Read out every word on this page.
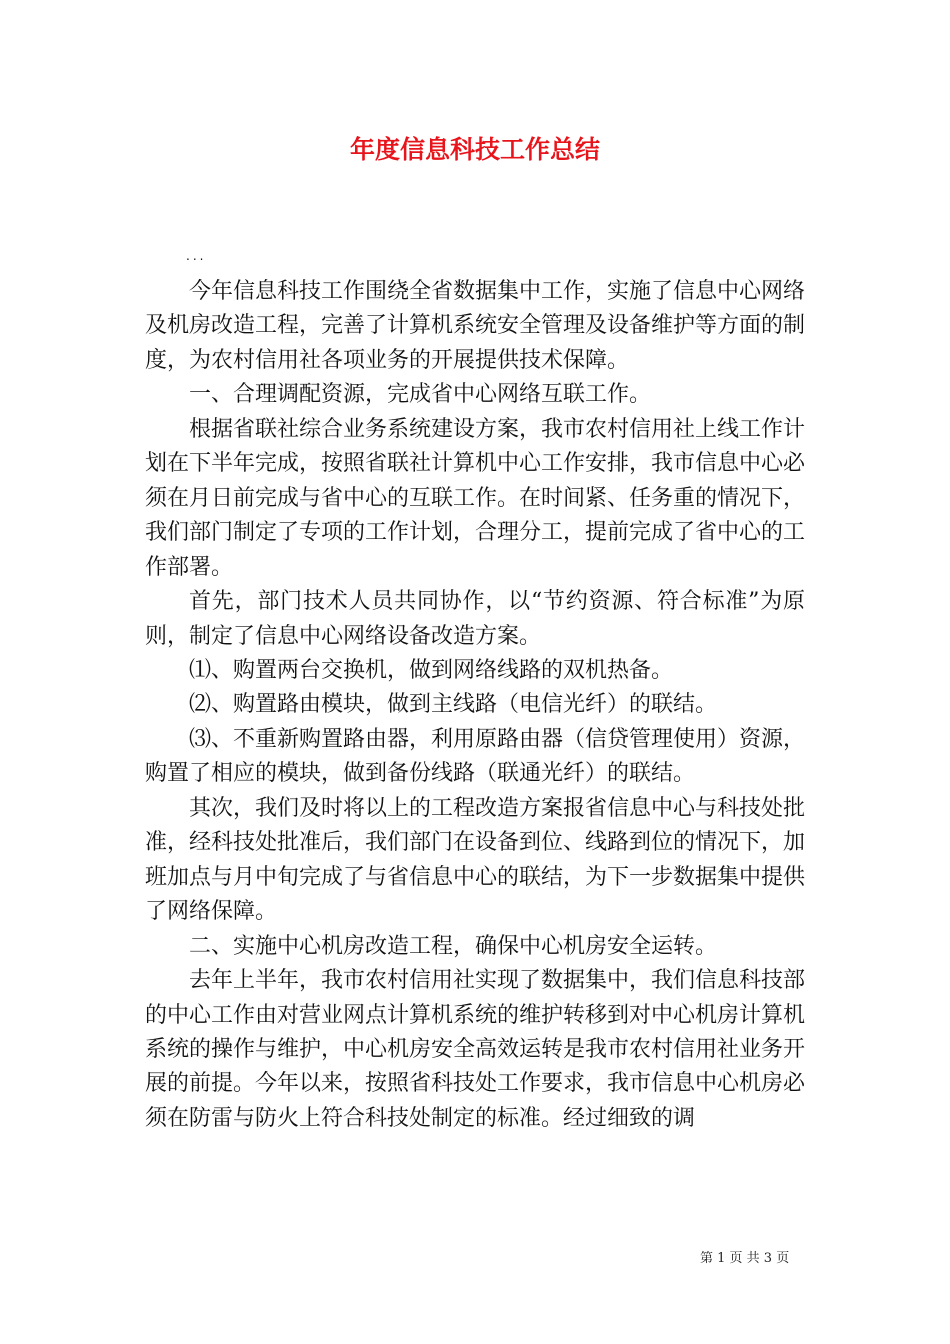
年度信息科技工作总结
...

今年信息科技工作围绕全省数据集中工作，实施了信息中心网络及机房改造工程，完善了计算机系统安全管理及设备维护等方面的制度，为农村信用社各项业务的开展提供技术保障。

一、合理调配资源，完成省中心网络互联工作。

根据省联社综合业务系统建设方案，我市农村信用社上线工作计划在下半年完成，按照省联社计算机中心工作安排，我市信息中心必须在月日前完成与省中心的互联工作。在时间紧、任务重的情况下，我们部门制定了专项的工作计划，合理分工，提前完成了省中心的工作部署。

首先，部门技术人员共同协作，以“节约资源、符合标准”为原则，制定了信息中心网络设备改造方案。

⑴、购置两台交换机，做到网络线路的双机热备。

⑵、购置路由模块，做到主线路（电信光纤）的联结。

⑶、不重新购置路由器，利用原路由器（信贷管理使用）资源，购置了相应的模块，做到备份线路（联通光纤）的联结。

其次，我们及时将以上的工程改造方案报省信息中心与科技处批准，经科技处批准后，我们部门在设备到位、线路到位的情况下，加班加点与月中旬完成了与省信息中心的联结，为下一步数据集中提供了网络保障。

二、实施中心机房改造工程，确保中心机房安全运转。

去年上半年，我市农村信用社实现了数据集中，我们信息科技部的中心工作由对营业网点计算机系统的维护转移到对中心机房计算机系统的操作与维护，中心机房安全高效运转是我市农村信用社业务开展的前提。今年以来，按照省科技处工作要求，我市信息中心机房必须在防雷与防火上符合科技处制定的标准。经过细致的调

第 1 页 共 3 页
